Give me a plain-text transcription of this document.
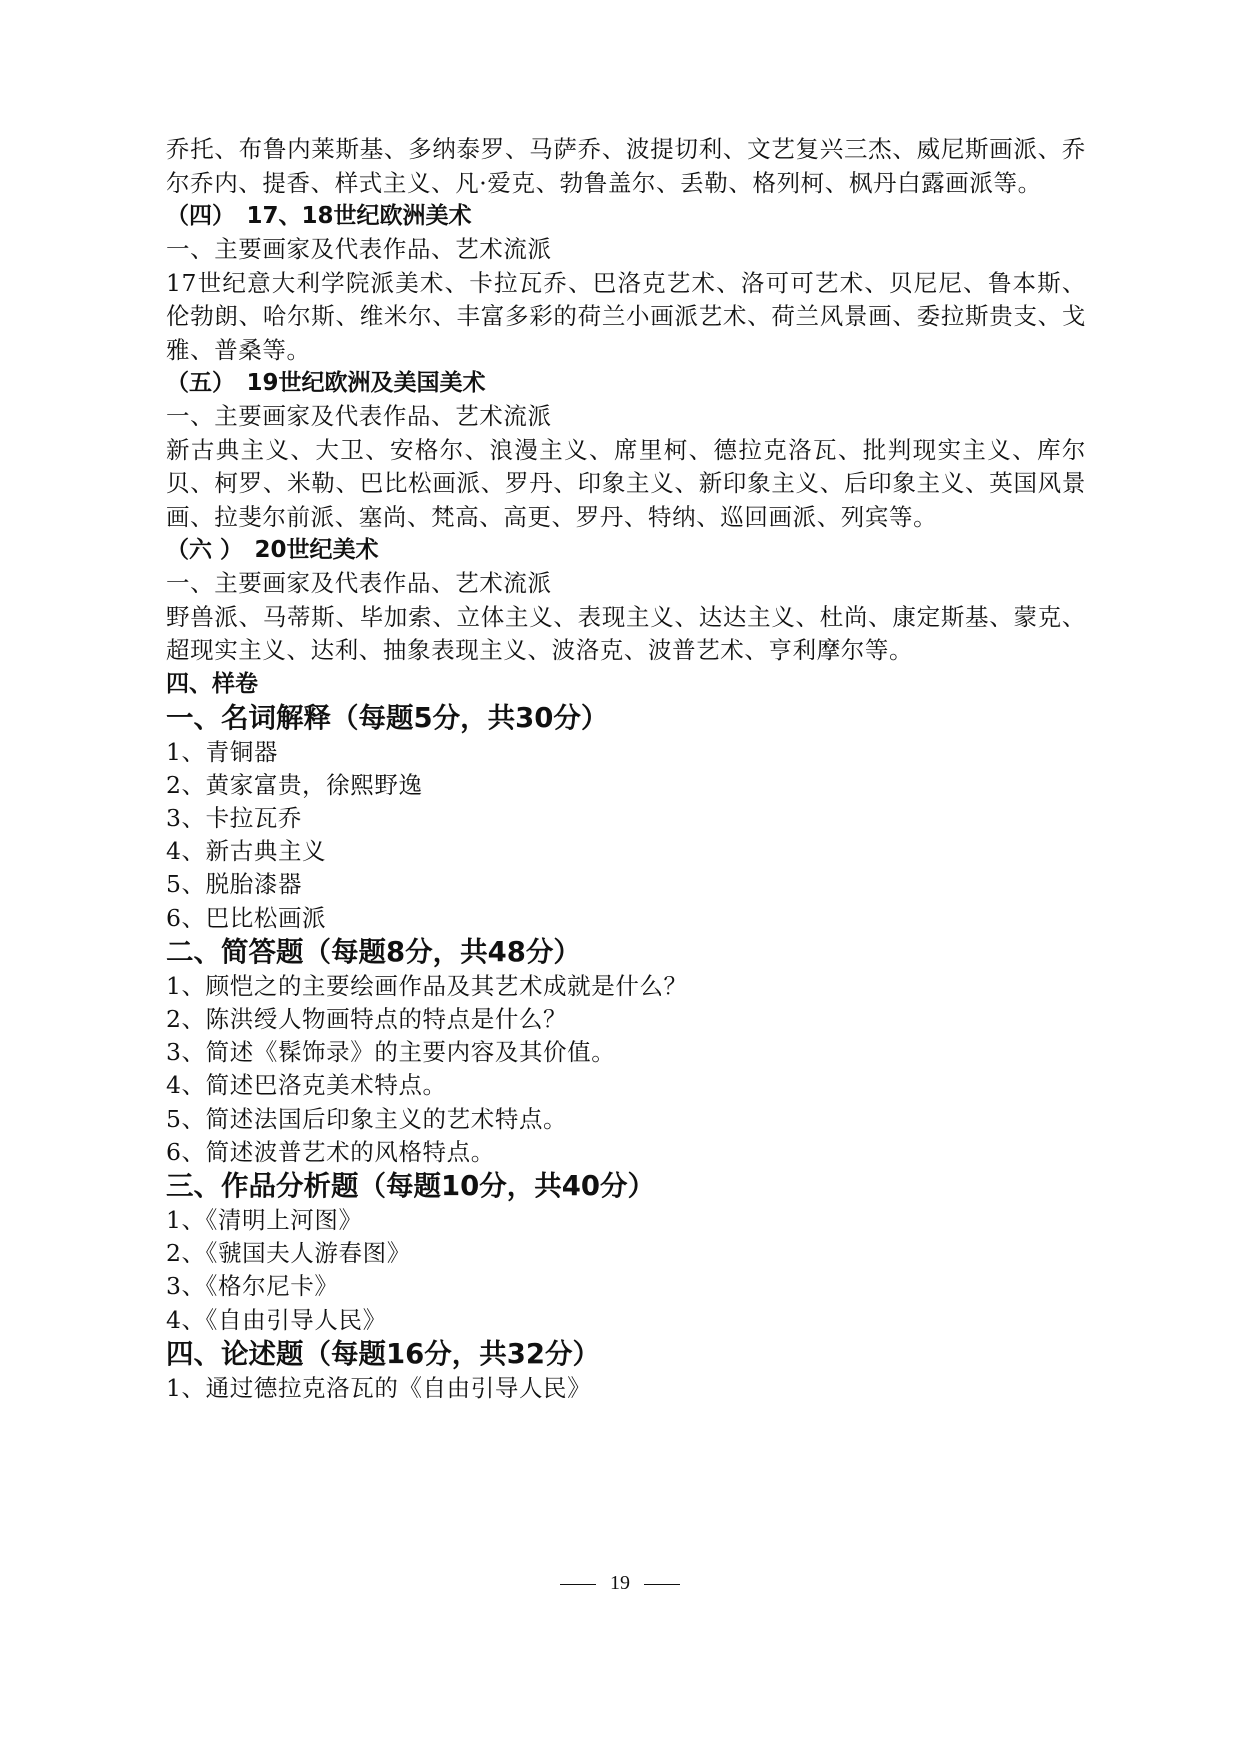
乔托、布鲁内莱斯基、多纳泰罗、马萨乔、波提切利、文艺复兴三杰、威尼斯画派、乔尔乔内、提香、样式主义、凡·爱克、勃鲁盖尔、丢勒、格列柯、枫丹白露画派等。

（四）　17、18世纪欧洲美术

一、主要画家及代表作品、艺术流派

17世纪意大利学院派美术、卡拉瓦乔、巴洛克艺术、洛可可艺术、贝尼尼、鲁本斯、伦勃朗、哈尔斯、维米尔、丰富多彩的荷兰小画派艺术、荷兰风景画、委拉斯贵支、戈雅、普桑等。

（五）　19世纪欧洲及美国美术

一、主要画家及代表作品、艺术流派

新古典主义、大卫、安格尔、浪漫主义、席里柯、德拉克洛瓦、批判现实主义、库尔贝、柯罗、米勒、巴比松画派、罗丹、印象主义、新印象主义、后印象主义、英国风景画、拉斐尔前派、塞尚、梵高、高更、罗丹、特纳、巡回画派、列宾等。

（六 ）　20世纪美术

一、主要画家及代表作品、艺术流派

野兽派、马蒂斯、毕加索、立体主义、表现主义、达达主义、杜尚、康定斯基、蒙克、超现实主义、达利、抽象表现主义、波洛克、波普艺术、亨利摩尔等。

四、样卷

一、名词解释（每题5分，共30分）

1、青铜器

2、黄家富贵，徐熙野逸

3、卡拉瓦乔

4、新古典主义

5、脱胎漆器

6、巴比松画派

二、简答题（每题8分，共48分）

1、顾恺之的主要绘画作品及其艺术成就是什么？

2、陈洪绶人物画特点的特点是什么？

3、简述《髹饰录》的主要内容及其价值。

4、简述巴洛克美术特点。

5、简述法国后印象主义的艺术特点。

6、简述波普艺术的风格特点。

三、作品分析题（每题10分，共40分）

1、《清明上河图》

2、《虢国夫人游春图》

3、《格尔尼卡》

4、《自由引导人民》

四、论述题（每题16分，共32分）

1、通过德拉克洛瓦的《自由引导人民》

19
